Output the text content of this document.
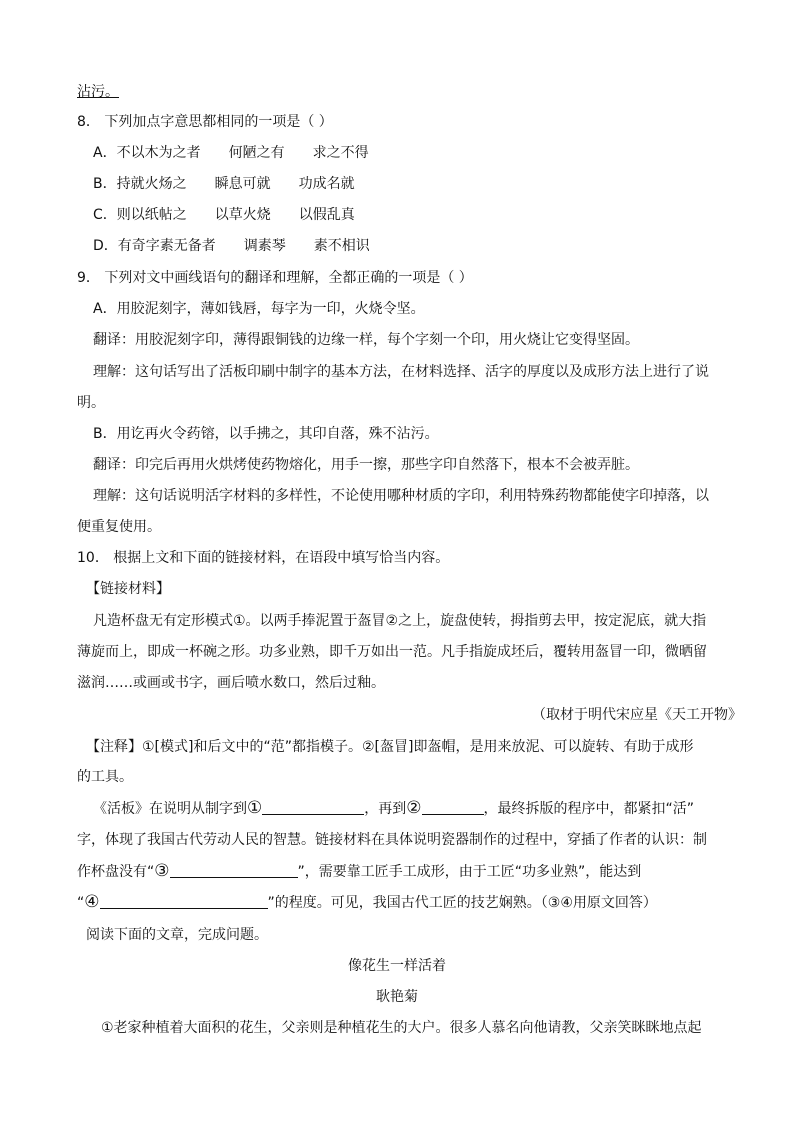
沾污。
8． 下列加点字意思都相同的一项是（ ）
A．不以木为之者 何陋之有 求之不得
B．持就火炀之 瞬息可就 功成名就
C．则以纸帖之 以草火烧 以假乱真
D．有奇字素无备者 调素琴 素不相识
9． 下列对文中画线语句的翻译和理解，全都正确的一项是（ ）
A．用胶泥刻字，薄如钱唇，每字为一印，火烧令坚。
翻译：用胶泥刻字印，薄得跟铜钱的边缘一样，每个字刻一个印，用火烧让它变得坚固。
理解：这句话写出了活板印刷中制字的基本方法，在材料选择、活字的厚度以及成形方法上进行了说
明。
B．用讫再火令药镕，以手拂之，其印自落，殊不沾污。
翻译：印完后再用火烘烤使药物熔化，用手一擦，那些字印自然落下，根本不会被弄脏。
理解：这句话说明活字材料的多样性，不论使用哪种材质的字印，利用特殊药物都能使字印掉落，以
便重复使用。
10． 根据上文和下面的链接材料，在语段中填写恰当内容。
【链接材料】
凡造杯盘无有定形模式①。以两手捧泥置于盔冒②之上，旋盘使转，拇指剪去甲，按定泥底，就大指
薄旋而上，即成一杯碗之形。功多业熟，即千万如出一范。凡手指旋成坯后，覆转用盔冒一印，微晒留
滋润……或画或书字，画后喷水数口，然后过釉。
（取材于明代宋应星《天工开物》
【注释】①[模式]和后文中的“范”都指模子。②[盔冒]即盔帽，是用来放泥、可以旋转、有助于成形
的工具。
《活板》在说明从制字到①	，再到②	，最终拆版的程序中，都紧扣“活”
字，体现了我国古代劳动人民的智慧。链接材料在具体说明瓷器制作的过程中，穿插了作者的认识：制
作杯盘没有“③	”，需要靠工匠手工成形，由于工匠“功多业熟”，能达到
“④	”的程度。可见，我国古代工匠的技艺娴熟。（③④用原文回答）
阅读下面的文章，完成问题。
像花生一样活着
耿艳菊
①老家种植着大面积的花生，父亲则是种植花生的大户。很多人慕名向他请教，父亲笑眯眯地点起
